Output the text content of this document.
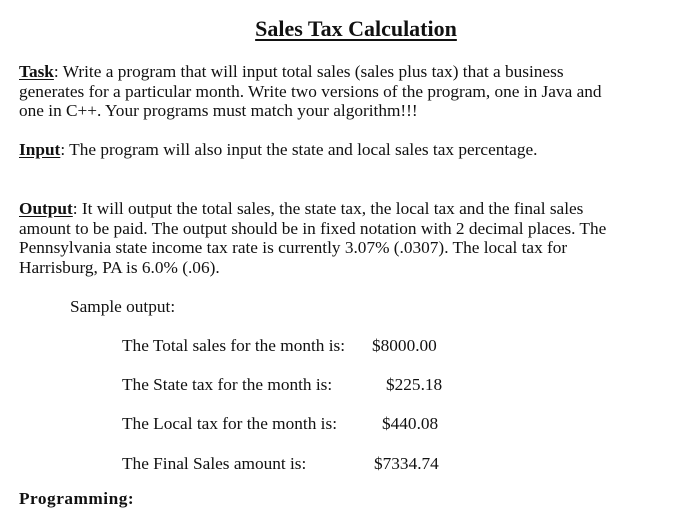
Sales Tax Calculation
Task: Write a program that will input total sales (sales plus tax) that a business
generates for a particular month. Write two versions of the program, one in Java and
one in C++. Your programs must match your algorithm!!!
Input: The program will also input the state and local sales tax percentage.
Output: It will output the total sales, the state tax, the local tax and the final sales
amount to be paid. The output should be in fixed notation with 2 decimal places. The
Pennsylvania state income tax rate is currently 3.07% (.0307). The local tax for
Harrisburg, PA is 6.0% (.06).
Sample output:
The Total sales for the month is: $8000.00
The State tax for the month is:	$225.18
The Local tax for the month is:	$440.08
The Final Sales amount is:	$7334.74
Programming:
